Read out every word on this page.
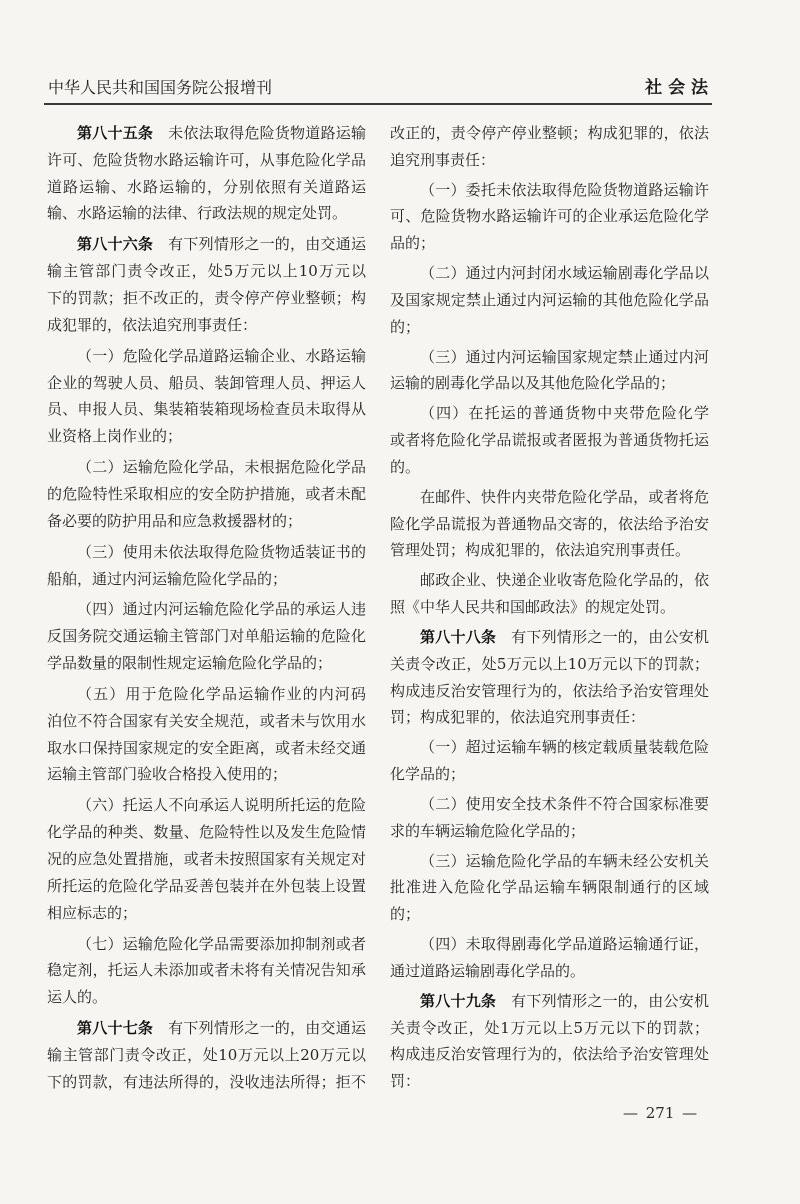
中华人民共和国国务院公报增刊	社 会 法
第八十五条 未依法取得危险货物道路运输
许可、危险货物水路运输许可，从事危险化学品
道路运输、水路运输的，分别依照有关道路运
输、水路运输的法律、行政法规的规定处罚。
第八十六条 有下列情形之一的，由交通运
输主管部门责令改正，处5万元以上10万元以
下的罚款；拒不改正的，责令停产停业整顿；构
成犯罪的，依法追究刑事责任：
（一）危险化学品道路运输企业、水路运输
企业的驾驶人员、船员、装卸管理人员、押运人
员、申报人员、集装箱装箱现场检查员未取得从
业资格上岗作业的；
（二）运输危险化学品，未根据危险化学品
的危险特性采取相应的安全防护措施，或者未配
备必要的防护用品和应急救援器材的；
（三）使用未依法取得危险货物适装证书的
船舶，通过内河运输危险化学品的；
（四）通过内河运输危险化学品的承运人违
反国务院交通运输主管部门对单船运输的危险化
学品数量的限制性规定运输危险化学品的；
（五）用于危险化学品运输作业的内河码
泊位不符合国家有关安全规范，或者未与饮用水
取水口保持国家规定的安全距离，或者未经交通
运输主管部门验收合格投入使用的；
（六）托运人不向承运人说明所托运的危险
化学品的种类、数量、危险特性以及发生危险情
况的应急处置措施，或者未按照国家有关规定对
所托运的危险化学品妥善包装并在外包装上设置
相应标志的；
（七）运输危险化学品需要添加抑制剂或者
稳定剂，托运人未添加或者未将有关情况告知承
运人的。
第八十七条 有下列情形之一的，由交通运
输主管部门责令改正，处10万元以上20万元以
下的罚款，有违法所得的，没收违法所得；拒不
改正的，责令停产停业整顿；构成犯罪的，依法
追究刑事责任：
（一）委托未依法取得危险货物道路运输许
可、危险货物水路运输许可的企业承运危险化学
品的；
（二）通过内河封闭水域运输剧毒化学品以
及国家规定禁止通过内河运输的其他危险化学品
的；
（三）通过内河运输国家规定禁止通过内河
运输的剧毒化学品以及其他危险化学品的；
（四）在托运的普通货物中夹带危险化学
或者将危险化学品谎报或者匿报为普通货物托运
的。
在邮件、快件内夹带危险化学品，或者将危
险化学品谎报为普通物品交寄的，依法给予治安
管理处罚；构成犯罪的，依法追究刑事责任。
邮政企业、快递企业收寄危险化学品的，依
照《中华人民共和国邮政法》的规定处罚。
第八十八条 有下列情形之一的，由公安机
关责令改正，处5万元以上10万元以下的罚款；
构成违反治安管理行为的，依法给予治安管理处
罚；构成犯罪的，依法追究刑事责任：
（一）超过运输车辆的核定载质量装载危险
化学品的；
（二）使用安全技术条件不符合国家标准要
求的车辆运输危险化学品的；
（三）运输危险化学品的车辆未经公安机关
批准进入危险化学品运输车辆限制通行的区域
的；
（四）未取得剧毒化学品道路运输通行证，
通过道路运输剧毒化学品的。
第八十九条 有下列情形之一的，由公安机
关责令改正，处1万元以上5万元以下的罚款；
构成违反治安管理行为的，依法给予治安管理处
罚：
— 271 —
